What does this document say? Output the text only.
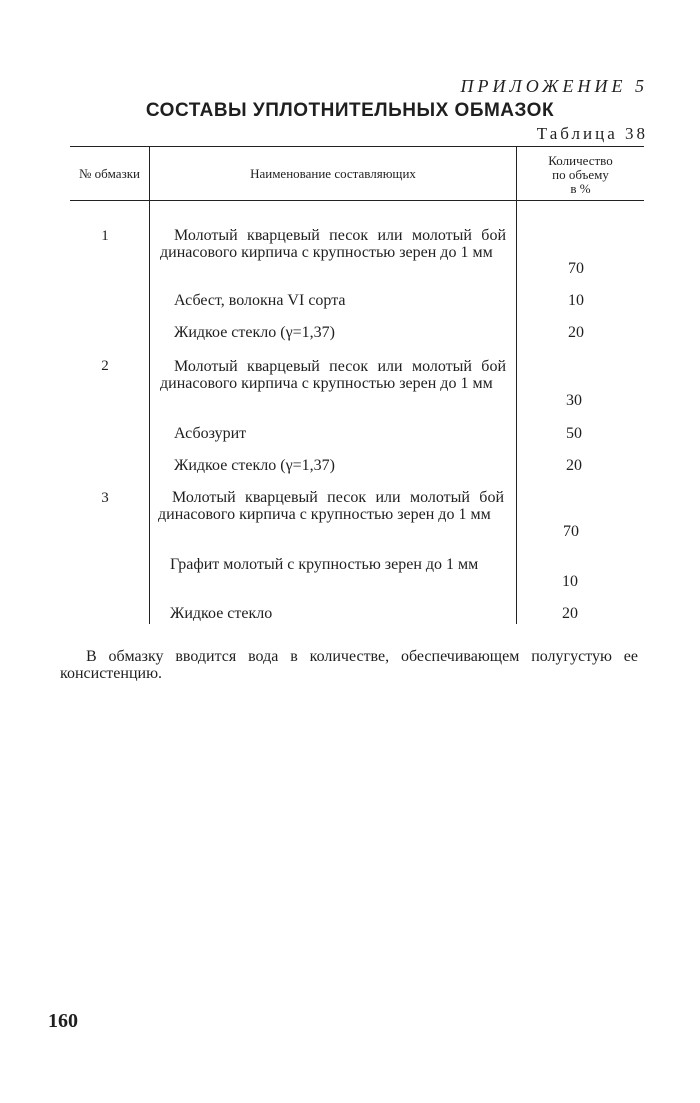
ПРИЛОЖЕНИЕ 5
СОСТАВЫ УПЛОТНИТЕЛЬНЫХ ОБМАЗОК
Таблица 38
№ обмазки	Наименование составляющих
Количество
по объему
в %
1
2
3
Молотый кварцевый песок или молотый бой динасового кирпича с крупностью зерен до 1 мм
Асбест, волокна VI сорта
Жидкое стекло (γ=1,37)
Молотый кварцевый песок или молотый бой динасового кирпича с крупностью зерен до 1 мм
Асбозурит
Жидкое стекло (γ=1,37)
Молотый кварцевый песок или молотый бой динасового кирпича с крупностью зерен до 1 мм
Графит молотый с крупностью зерен до 1 мм
Жидкое стекло
70
10
20
30
50
20
70
10
20
В обмазку вводится вода в количестве, обеспечивающем полугустую ее консистенцию.
160
